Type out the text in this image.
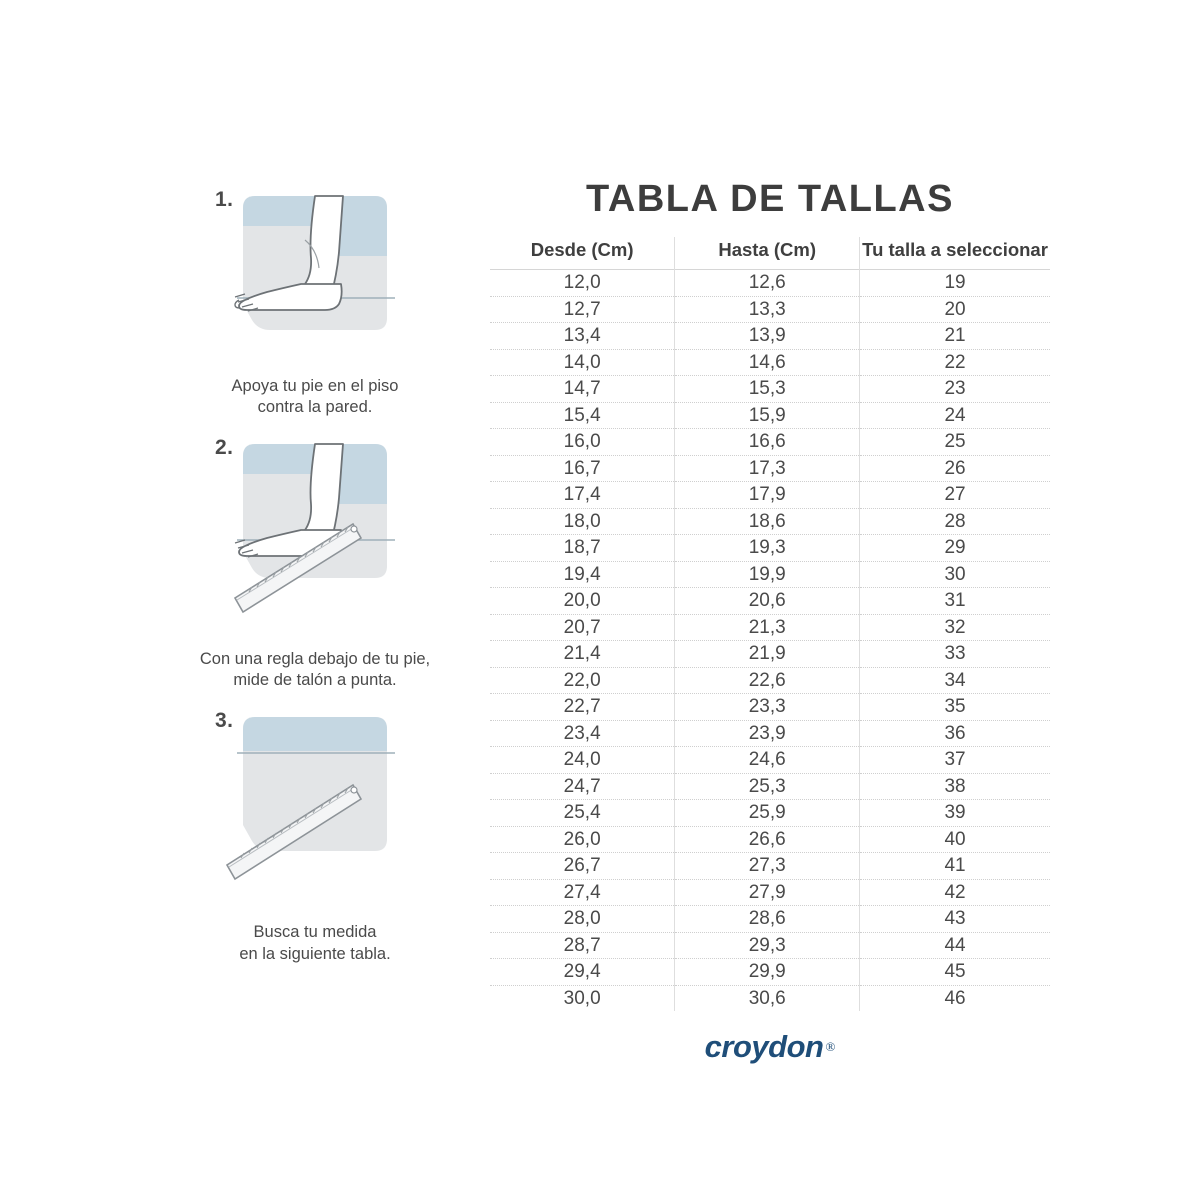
1.
Apoya tu pie en el piso
contra la pared.
2.
Con una regla debajo de tu pie,
mide de talón a punta.
3.
Busca tu medida
en la siguiente tabla.
TABLA DE TALLAS
Desde (Cm)	Hasta (Cm)	Tu talla a seleccionar
12,0	12,6	19
12,7	13,3	20
13,4	13,9	21
14,0	14,6	22
14,7	15,3	23
15,4	15,9	24
16,0	16,6	25
16,7	17,3	26
17,4	17,9	27
18,0	18,6	28
18,7	19,3	29
19,4	19,9	30
20,0	20,6	31
20,7	21,3	32
21,4	21,9	33
22,0	22,6	34
22,7	23,3	35
23,4	23,9	36
24,0	24,6	37
24,7	25,3	38
25,4	25,9	39
26,0	26,6	40
26,7	27,3	41
27,4	27,9	42
28,0	28,6	43
28,7	29,3	44
29,4	29,9	45
30,0	30,6	46
croydon ®
